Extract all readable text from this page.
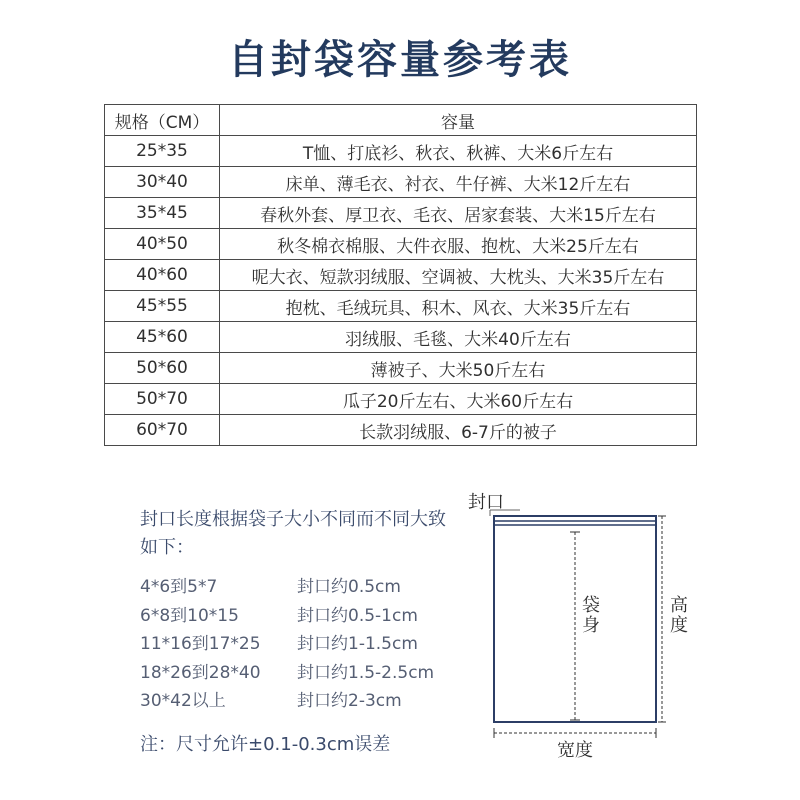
自封袋容量参考表
规格（CM）	容量
25*35	T恤、打底衫、秋衣、秋裤、大米6斤左右
30*40	床单、薄毛衣、衬衣、牛仔裤、大米12斤左右
35*45	春秋外套、厚卫衣、毛衣、居家套装、大米15斤左右
40*50	秋冬棉衣棉服、大件衣服、抱枕、大米25斤左右
40*60	呢大衣、短款羽绒服、空调被、大枕头、大米35斤左右
45*55	抱枕、毛绒玩具、积木、风衣、大米35斤左右
45*60	羽绒服、毛毯、大米40斤左右
50*60	薄被子、大米50斤左右
50*70	瓜子20斤左右、大米60斤左右
60*70	长款羽绒服、6-7斤的被子
封口长度根据袋子大小不同而不同大致如下：
4*6到5*7	封口约0.5cm
6*8到10*15	封口约0.5-1cm
11*16到17*25 封口约1-1.5cm
18*26到28*40 封口约1.5-2.5cm
30*42以上	封口约2-3cm
注：尺寸允许±0.1-0.3cm误差
封口
袋身
高度
宽度
